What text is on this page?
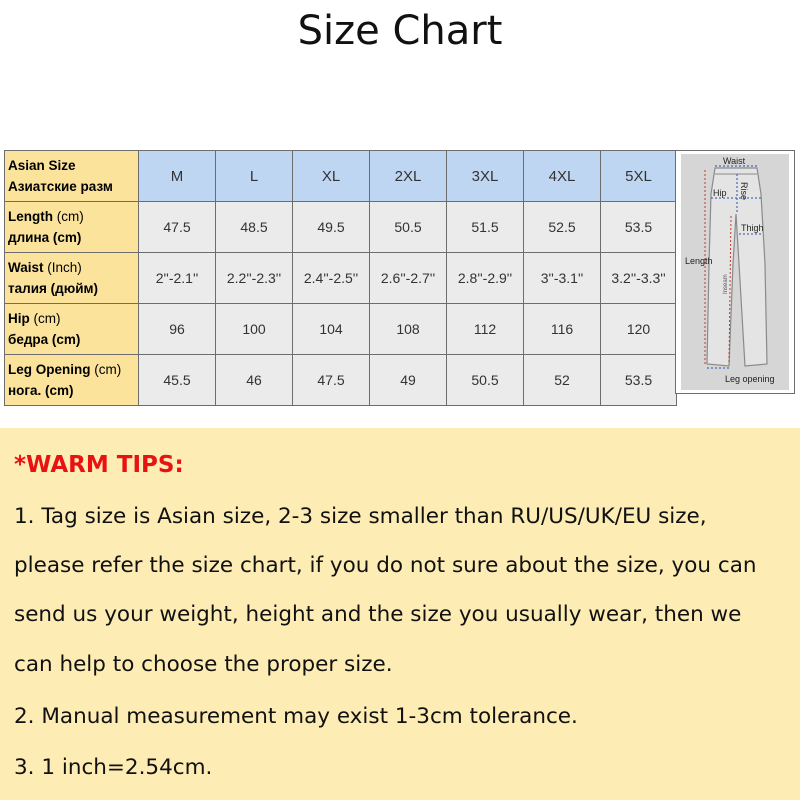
Size Chart
Asian Size
Азиатские разм	M	L	XL	2XL	3XL	4XL	5XL
Length (cm)
длина (cm)	47.5	48.5	49.5	50.5	51.5	52.5	53.5
Waist (Inch)
талия (дюйм)	2''-2.1''	2.2''-2.3''	2.4''-2.5''	2.6''-2.7''	2.8''-2.9''	3''-3.1''	3.2''-3.3''
Hip (cm)
бедра (cm)	96	100	104	108	112	116	120
Leg Opening (cm)
нога. (cm)	45.5	46	47.5	49	50.5	52	53.5
Waist
Rise
Hip
Thigh
Length
Inseam
Leg opening
*WARM TIPS:
1. Tag size is Asian size, 2-3 size smaller than RU/US/UK/EU size,
please refer the size chart, if you do not sure about the size, you can
send us your weight, height and the size you usually wear, then we
can help to choose the proper size.
2. Manual measurement may exist 1-3cm tolerance.
3. 1 inch=2.54cm.
